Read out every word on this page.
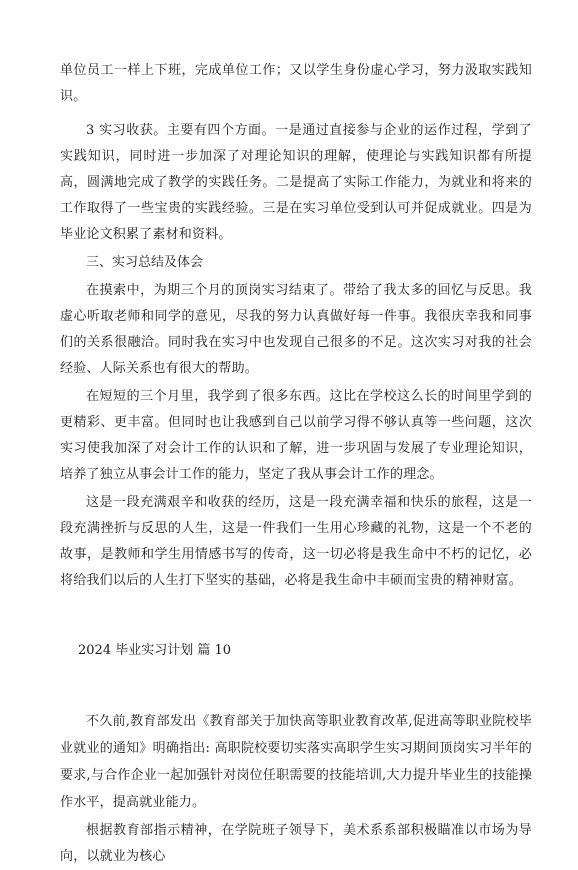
单位员工一样上下班，完成单位工作；又以学生身份虚心学习，努力汲取实践知识。

3 实习收获。主要有四个方面。一是通过直接参与企业的运作过程，学到了实践知识，同时进一步加深了对理论知识的理解，使理论与实践知识都有所提高，圆满地完成了教学的实践任务。二是提高了实际工作能力，为就业和将来的工作取得了一些宝贵的实践经验。三是在实习单位受到认可并促成就业。四是为毕业论文积累了素材和资料。

三、实习总结及体会

在摸索中，为期三个月的顶岗实习结束了。带给了我太多的回忆与反思。我虚心听取老师和同学的意见，尽我的努力认真做好每一件事。我很庆幸我和同事们的关系很融洽。同时我在实习中也发现自己很多的不足。这次实习对我的社会经验、人际关系也有很大的帮助。

在短短的三个月里，我学到了很多东西。这比在学校这么长的时间里学到的更精彩、更丰富。但同时也让我感到自己以前学习得不够认真等一些问题，这次实习使我加深了对会计工作的认识和了解，进一步巩固与发展了专业理论知识，培养了独立从事会计工作的能力，坚定了我从事会计工作的理念。

这是一段充满艰辛和收获的经历，这是一段充满幸福和快乐的旅程，这是一段充满挫折与反思的人生，这是一件我们一生用心珍藏的礼物，这是一个不老的故事，是教师和学生用情感书写的传奇，这一切必将是我生命中不朽的记忆，必将给我们以后的人生打下坚实的基础，必将是我生命中丰硕而宝贵的精神财富。

2024 毕业实习计划 篇 10

不久前,教育部发出《教育部关于加快高等职业教育改革,促进高等职业院校毕业就业的通知》明确指出: 高职院校要切实落实高职学生实习期间顶岗实习半年的要求,与合作企业一起加强针对岗位任职需要的技能培训,大力提升毕业生的技能操作水平，提高就业能力。

根据教育部指示精神，在学院班子领导下，美术系系部积极瞄准以市场为导向，以就业为核心
